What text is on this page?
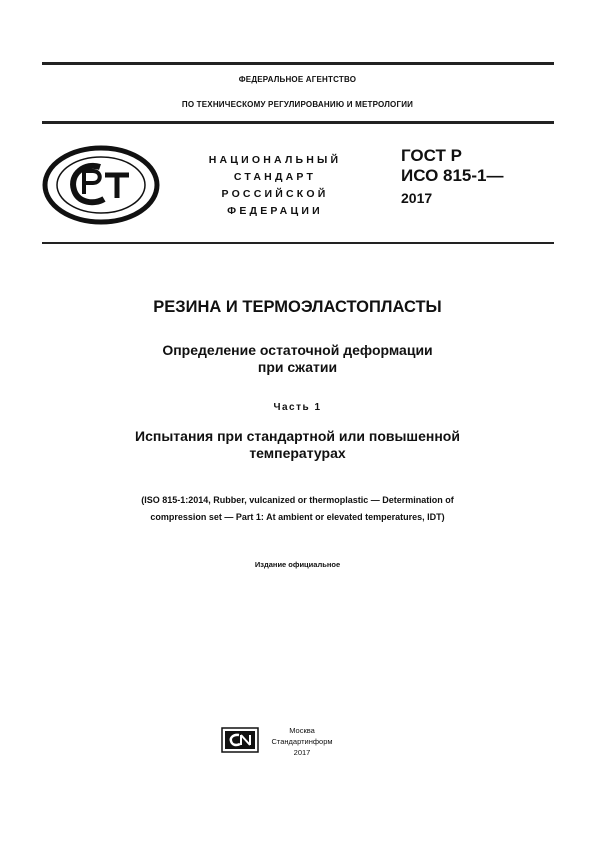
ФЕДЕРАЛЬНОЕ АГЕНТСТВО
ПО ТЕХНИЧЕСКОМУ РЕГУЛИРОВАНИЮ И МЕТРОЛОГИИ
НАЦИОНАЛЬНЫЙ
СТАНДАРТ
РОССИЙСКОЙ
ФЕДЕРАЦИИ
ГОСТ Р
ИСО 815-1—
2017
РЕЗИНА И ТЕРМОЭЛАСТОПЛАСТЫ
Определение остаточной деформации
при сжатии
Часть 1
Испытания при стандартной или повышенной
температурах
(ISO 815-1:2014, Rubber, vulcanized or thermoplastic — Determination of
compression set — Part 1: At ambient or elevated temperatures, IDT)
Издание официальное
Москва
Стандартинформ
2017
